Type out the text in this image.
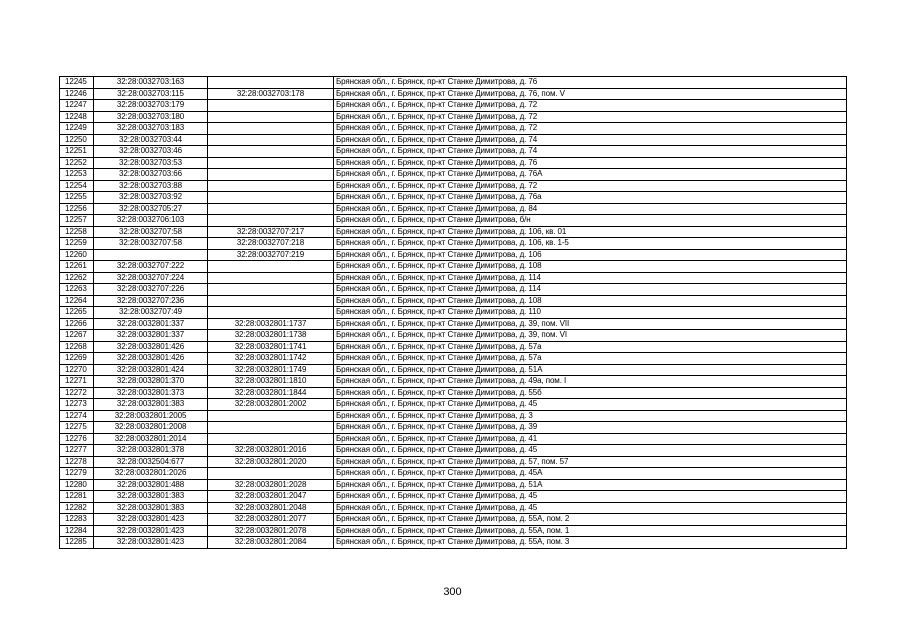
12245	32:28:0032703:163		Брянская обл., г. Брянск, пр-кт Станке Димитрова, д. 76
12246	32:28:0032703:115	32:28:0032703:178	Брянская обл., г. Брянск, пр-кт Станке Димитрова, д. 76, пом. V
12247	32:28:0032703:179		Брянская обл., г. Брянск, пр-кт Станке Димитрова, д. 72
12248	32:28:0032703:180		Брянская обл., г. Брянск, пр-кт Станке Димитрова, д. 72
12249	32:28:0032703:183		Брянская обл., г. Брянск, пр-кт Станке Димитрова, д. 72
12250	32:28:0032703:44		Брянская обл., г. Брянск, пр-кт Станке Димитрова, д. 74
12251	32:28:0032703:46		Брянская обл., г. Брянск, пр-кт Станке Димитрова, д. 74
12252	32:28:0032703:53		Брянская обл., г. Брянск, пр-кт Станке Димитрова, д. 76
12253	32:28:0032703:66		Брянская обл., г. Брянск, пр-кт Станке Димитрова, д. 76А
12254	32:28:0032703:88		Брянская обл., г. Брянск, пр-кт Станке Димитрова, д. 72
12255	32:28:0032703:92		Брянская обл., г. Брянск, пр-кт Станке Димитрова, д. 76а
12256	32:28:0032705:27		Брянская обл., г. Брянск, пр-кт Станке Димитрова, д. 84
12257	32:28:0032706:103		Брянская обл., г. Брянск, пр-кт Станке Димитрова, б/н
12258	32:28:0032707:58	32:28:0032707:217	Брянская обл., г. Брянск, пр-кт Станке Димитрова, д. 106, кв. 01
12259	32:28:0032707:58	32:28:0032707:218	Брянская обл., г. Брянск, пр-кт Станке Димитрова, д. 106, кв. 1-5
12260		32:28:0032707:219	Брянская обл., г. Брянск, пр-кт Станке Димитрова, д. 106
12261	32:28:0032707:222		Брянская обл., г. Брянск, пр-кт Станке Димитрова, д. 108
12262	32:28:0032707:224		Брянская обл., г. Брянск, пр-кт Станке Димитрова, д. 114
12263	32:28:0032707:226		Брянская обл., г. Брянск, пр-кт Станке Димитрова, д. 114
12264	32:28:0032707:236		Брянская обл., г. Брянск, пр-кт Станке Димитрова, д. 108
12265	32:28:0032707:49		Брянская обл., г. Брянск, пр-кт Станке Димитрова, д. 110
12266	32:28:0032801:337	32:28:0032801:1737	Брянская обл., г. Брянск, пр-кт Станке Димитрова, д. 39, пом. VII
12267	32:28:0032801:337	32:28:0032801:1738	Брянская обл., г. Брянск, пр-кт Станке Димитрова, д. 39, пом. VI
12268	32:28:0032801:426	32:28:0032801:1741	Брянская обл., г. Брянск, пр-кт Станке Димитрова, д. 57а
12269	32:28:0032801:426	32:28:0032801:1742	Брянская обл., г. Брянск, пр-кт Станке Димитрова, д. 57а
12270	32:28:0032801:424	32:28:0032801:1749	Брянская обл., г. Брянск, пр-кт Станке Димитрова, д. 51А
12271	32:28:0032801:370	32:28:0032801:1810	Брянская обл., г. Брянск, пр-кт Станке Димитрова, д. 49а, пом. I
12272	32:28:0032801:373	32:28:0032801:1844	Брянская обл., г. Брянск, пр-кт Станке Димитрова, д. 55б
12273	32:28:0032801:383	32:28:0032801:2002	Брянская обл., г. Брянск, пр-кт Станке Димитрова, д. 45
12274	32:28:0032801:2005		Брянская обл., г. Брянск, пр-кт Станке Димитрова, д. 3
12275	32:28:0032801:2008		Брянская обл., г. Брянск, пр-кт Станке Димитрова, д. 39
12276	32:28:0032801:2014		Брянская обл., г. Брянск, пр-кт Станке Димитрова, д. 41
12277	32:28:0032801:378	32:28:0032801:2016	Брянская обл., г. Брянск, пр-кт Станке Димитрова, д. 45
12278	32:28:0032504:677	32:28:0032801:2020	Брянская обл., г. Брянск, пр-кт Станке Димитрова, д. 57, пом. 57
12279	32:28:0032801:2026		Брянская обл., г. Брянск, пр-кт Станке Димитрова, д. 45А
12280	32:28:0032801:488	32:28:0032801:2028	Брянская обл., г. Брянск, пр-кт Станке Димитрова, д. 51А
12281	32:28:0032801:383	32:28:0032801:2047	Брянская обл., г. Брянск, пр-кт Станке Димитрова, д. 45
12282	32:28:0032801:383	32:28:0032801:2048	Брянская обл., г. Брянск, пр-кт Станке Димитрова, д. 45
12283	32:28:0032801:423	32:28:0032801:2077	Брянская обл., г. Брянск, пр-кт Станке Димитрова, д. 55А, пом. 2
12284	32:28:0032801:423	32:28:0032801:2078	Брянская обл., г. Брянск, пр-кт Станке Димитрова, д. 55А, пом. 1
12285	32:28:0032801:423	32:28:0032801:2084	Брянская обл., г. Брянск, пр-кт Станке Димитрова, д. 55А, пом. 3
300
